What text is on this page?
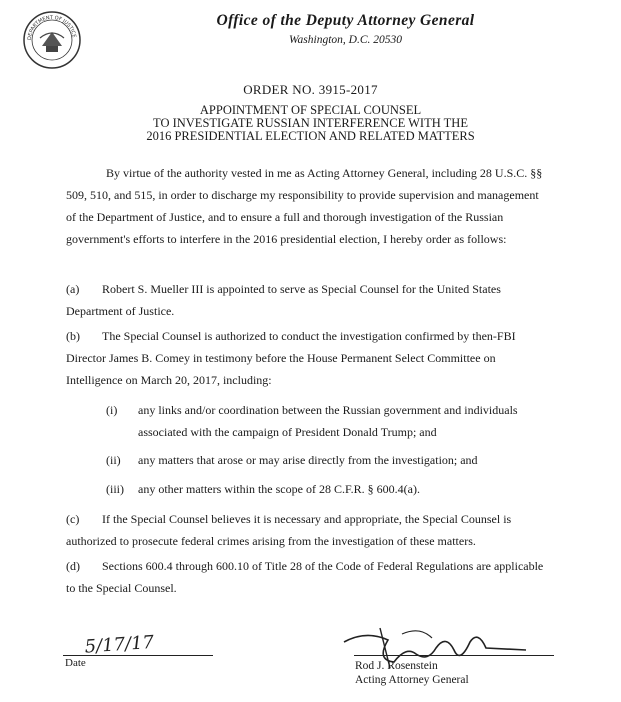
DEPARTMENT OF JUSTICE
Office of the Deputy Attorney General
Washington, D.C. 20530
ORDER NO. 3915-2017
APPOINTMENT OF SPECIAL COUNSEL
TO INVESTIGATE RUSSIAN INTERFERENCE WITH THE
2016 PRESIDENTIAL ELECTION AND RELATED MATTERS
By virtue of the authority vested in me as Acting Attorney General, including 28 U.S.C. §§ 509, 510, and 515, in order to discharge my responsibility to provide supervision and management of the Department of Justice, and to ensure a full and thorough investigation of the Russian government's efforts to interfere in the 2016 presidential election, I hereby order as follows:
(a) Robert S. Mueller III is appointed to serve as Special Counsel for the United States Department of Justice.
(b) The Special Counsel is authorized to conduct the investigation confirmed by then-FBI Director James B. Comey in testimony before the House Permanent Select Committee on Intelligence on March 20, 2017, including:
(i) any links and/or coordination between the Russian government and individuals
associated with the campaign of President Donald Trump; and
(ii) any matters that arose or may arise directly from the investigation; and
(iii) any other matters within the scope of 28 C.F.R. § 600.4(a).
(c) If the Special Counsel believes it is necessary and appropriate, the Special Counsel is authorized to prosecute federal crimes arising from the investigation of these matters.
(d) Sections 600.4 through 600.10 of Title 28 of the Code of Federal Regulations are applicable to the Special Counsel.
5/17/17
Date	Rod J. Rosenstein
Acting Attorney General
